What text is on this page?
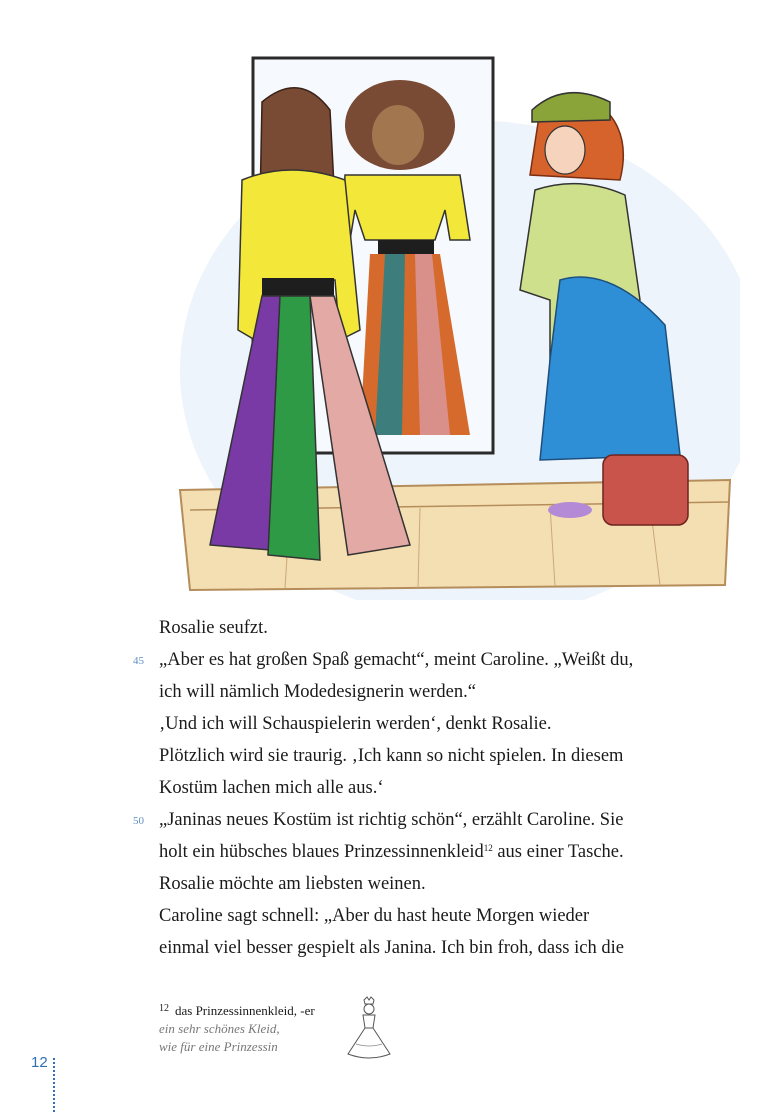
Rosalie seufzt.
45 „Aber es hat großen Spaß gemacht“, meint Caroline. „Weißt du,
ich will nämlich Modedesignerin werden.“
‚Und ich will Schauspielerin werden‘, denkt Rosalie.
Plötzlich wird sie traurig. ‚Ich kann so nicht spielen. In diesem
Kostüm lachen mich alle aus.‘
50 „Janinas neues Kostüm ist richtig schön“, erzählt Caroline. Sie
holt ein hübsches blaues Prinzessinnenkleid$^{12}$ aus einer Tasche.
Rosalie möchte am liebsten weinen.
Caroline sagt schnell: „Aber du hast heute Morgen wieder
einmal viel besser gespielt als Janina. Ich bin froh, dass ich die
$^{12}$ das Prinzessinnenkleid, -er
ein sehr schönes Kleid,
wie für eine Prinzessin
12
